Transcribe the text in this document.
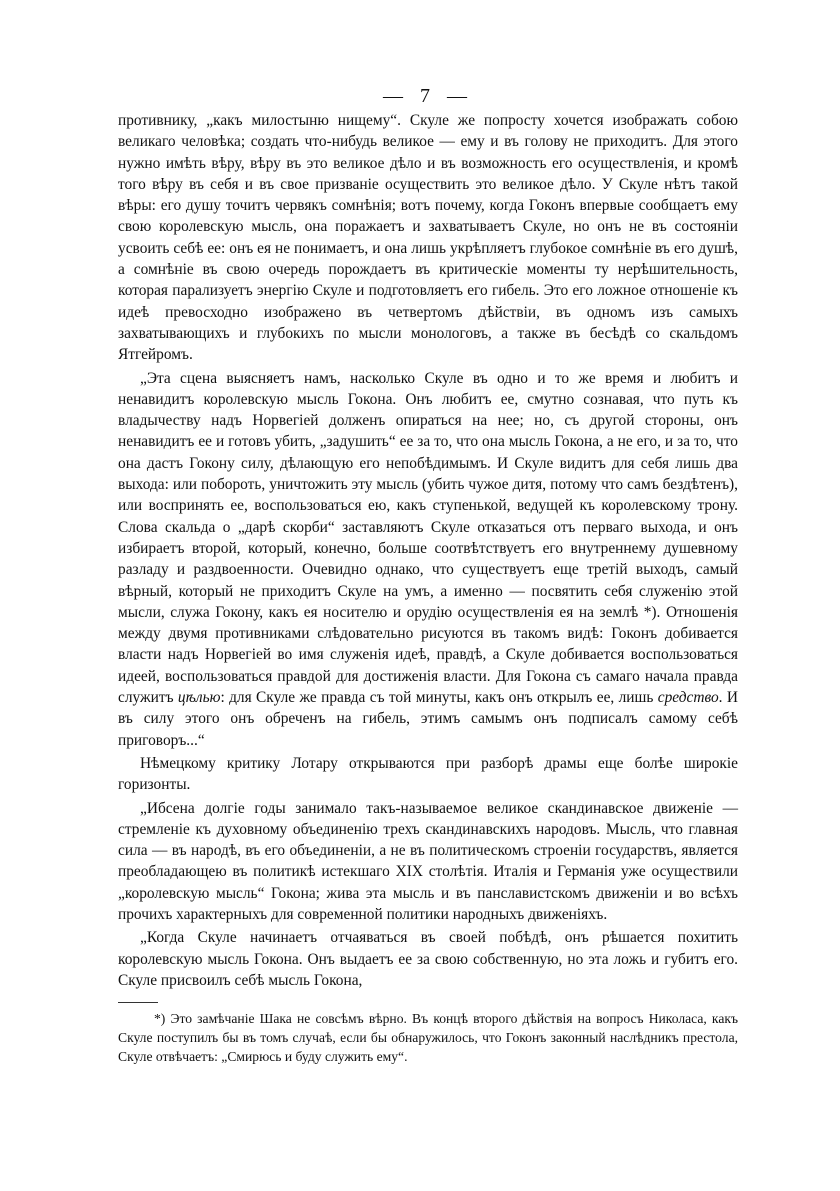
— 7 —

противнику, „какъ милостыню нищему“. Скуле же попросту хочется изображать собою великаго человѣка; создать что-нибудь великое — ему и въ голову не приходитъ. Для этого нужно имѣть вѣру, вѣру въ это великое дѣло и въ возможность его осуществленія, и кромѣ того вѣру въ себя и въ свое призваніе осуществить это великое дѣло. У Скуле нѣтъ такой вѣры: его душу точитъ червякъ сомнѣнія; вотъ почему, когда Гоконъ впервые сообщаетъ ему свою королевскую мысль, она поражаетъ и захватываетъ Скуле, но онъ не въ состояніи усвоить себѣ ее: онъ ея не понимаетъ, и она лишь укрѣпляетъ глубокое сомнѣніе въ его душѣ, а сомнѣніе въ свою очередь порождаетъ въ критическіе моменты ту нерѣшительность, которая парализуетъ энергію Скуле и подготовляетъ его гибель. Это его ложное отношеніе къ идеѣ превосходно изображено въ четвертомъ дѣйствіи, въ одномъ изъ самыхъ захватывающихъ и глубокихъ по мысли монологовъ, а также въ бесѣдѣ со скальдомъ Ятгейромъ.

„Эта сцена выясняетъ намъ, насколько Скуле въ одно и то же время и любитъ и ненавидитъ королевскую мысль Гокона. Онъ любитъ ее, смутно сознавая, что путь къ владычеству надъ Норвегіей долженъ опираться на нее; но, съ другой стороны, онъ ненавидитъ ее и готовъ убить, „задушить“ ее за то, что она мысль Гокона, а не его, и за то, что она дастъ Гокону силу, дѣлающую его непобѣдимымъ. И Скуле видитъ для себя лишь два выхода: или побороть, уничтожить эту мысль (убить чужое дитя, потому что самъ бездѣтенъ), или воспринять ее, воспользоваться ею, какъ ступенькой, ведущей къ королевскому трону. Слова скальда о „дарѣ скорби“ заставляютъ Скуле отказаться отъ перваго выхода, и онъ избираетъ второй, который, конечно, больше соотвѣтствуетъ его внутреннему душевному разладу и раздвоенности. Очевидно однако, что существуетъ еще третій выходъ, самый вѣрный, который не приходитъ Скуле на умъ, а именно — посвятить себя служенію этой мысли, служа Гокону, какъ ея носителю и орудію осуществленія ея на землѣ *). Отношенія между двумя противниками слѣдовательно рисуются въ такомъ видѣ: Гоконъ добивается власти надъ Норвегіей во имя служенія идеѣ, правдѣ, а Скуле добивается воспользоваться идеей, воспользоваться правдой для достиженія власти. Для Гокона съ самаго начала правда служитъ цѣлью: для Скуле же правда съ той минуты, какъ онъ открылъ ее, лишь средство. И въ силу этого онъ обреченъ на гибель, этимъ самымъ онъ подписалъ самому себѣ приговоръ...“

Нѣмецкому критику Лотару открываются при разборѣ драмы еще болѣе широкіе горизонты.

„Ибсена долгіе годы занимало такъ-называемое великое скандинавское движеніе — стремленіе къ духовному объединенію трехъ скандинавскихъ народовъ. Мысль, что главная сила — въ народѣ, въ его объединеніи, а не въ политическомъ строеніи государствъ, является преобладающею въ политикѣ истекшаго XIX столѣтія. Италія и Германія уже осуществили „королевскую мысль“ Гокона; жива эта мысль и въ панславистскомъ движеніи и во всѣхъ прочихъ характерныхъ для современной политики народныхъ движеніяхъ.

„Когда Скуле начинаетъ отчаяваться въ своей побѣдѣ, онъ рѣшается похитить королевскую мысль Гокона. Онъ выдаетъ ее за свою собственную, но эта ложь и губитъ его. Скуле присвоилъ себѣ мысль Гокона,

*) Это замѣчаніе Шака не совсѣмъ вѣрно. Въ концѣ второго дѣйствія на вопросъ Николаса, какъ Скуле поступилъ бы въ томъ случаѣ, если бы обнаружилось, что Гоконъ законный наслѣдникъ престола, Скуле отвѣчаетъ: „Смирюсь и буду служить ему“.
